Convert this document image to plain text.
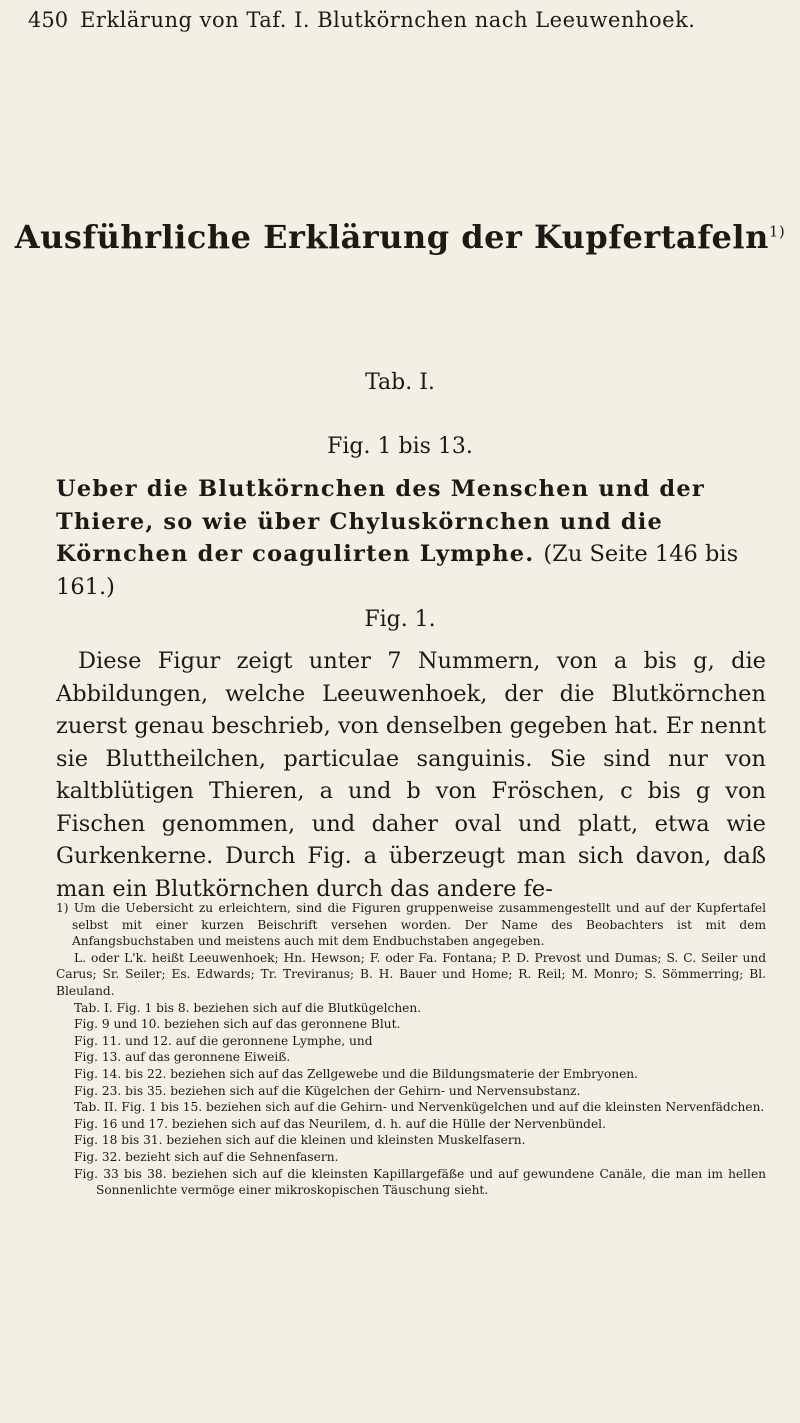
450 Erklärung von Taf. I. Blutkörnchen nach Leeuwenhoek.
Ausführliche Erklärung der Kupfertafeln$^{1)}$
Tab. I.
Fig. 1 bis 13.
Ueber die Blutkörnchen des Menschen und der Thiere, so wie über Chyluskörnchen und die Körnchen der coagulirten Lymphe. (Zu Seite 146 bis 161.)
Fig. 1.
Diese Figur zeigt unter 7 Nummern, von a bis g, die Abbildungen, welche Leeuwenhoek, der die Blutkörnchen zuerst genau beschrieb, von denselben gegeben hat. Er nennt sie Bluttheilchen, particulae sanguinis. Sie sind nur von kaltblütigen Thieren, a und b von Fröschen, c bis g von Fischen genommen, und daher oval und platt, etwa wie Gurkenkerne. Durch Fig. a überzeugt man sich davon, daß man ein Blutkörnchen durch das andere fe-

1) Um die Uebersicht zu erleichtern, sind die Figuren gruppenweise zusammengestellt und auf der Kupfertafel selbst mit einer kurzen Beischrift versehen worden. Der Name des Beobachters ist mit dem Anfangsbuchstaben und meistens auch mit dem Endbuchstaben angegeben.

L. oder L'k. heißt Leeuwenhoek; Hn. Hewson; F. oder Fa. Fontana; P. D. Prevost und Dumas; S. C. Seiler und Carus; Sr. Seiler; Es. Edwards; Tr. Treviranus; B. H. Bauer und Home; R. Reil; M. Monro; S. Sömmerring; Bl. Bleuland.

Tab. I. Fig. 1 bis 8. beziehen sich auf die Blutkügelchen.

Fig. 9 und 10. beziehen sich auf das geronnene Blut.

Fig. 11. und 12. auf die geronnene Lymphe, und

Fig. 13. auf das geronnene Eiweiß.

Fig. 14. bis 22. beziehen sich auf das Zellgewebe und die Bildungsmaterie der Embryonen.

Fig. 23. bis 35. beziehen sich auf die Kügelchen der Gehirn- und Nervensubstanz.

Tab. II. Fig. 1 bis 15. beziehen sich auf die Gehirn- und Nervenkügelchen und auf die kleinsten Nervenfädchen.

Fig. 16 und 17. beziehen sich auf das Neurilem, d. h. auf die Hülle der Nervenbündel.

Fig. 18 bis 31. beziehen sich auf die kleinen und kleinsten Muskelfasern.

Fig. 32. bezieht sich auf die Sehnenfasern.

Fig. 33 bis 38. beziehen sich auf die kleinsten Kapillargefäße und auf gewundene Canäle, die man im hellen Sonnenlichte vermöge einer mikroskopischen Täuschung sieht.
